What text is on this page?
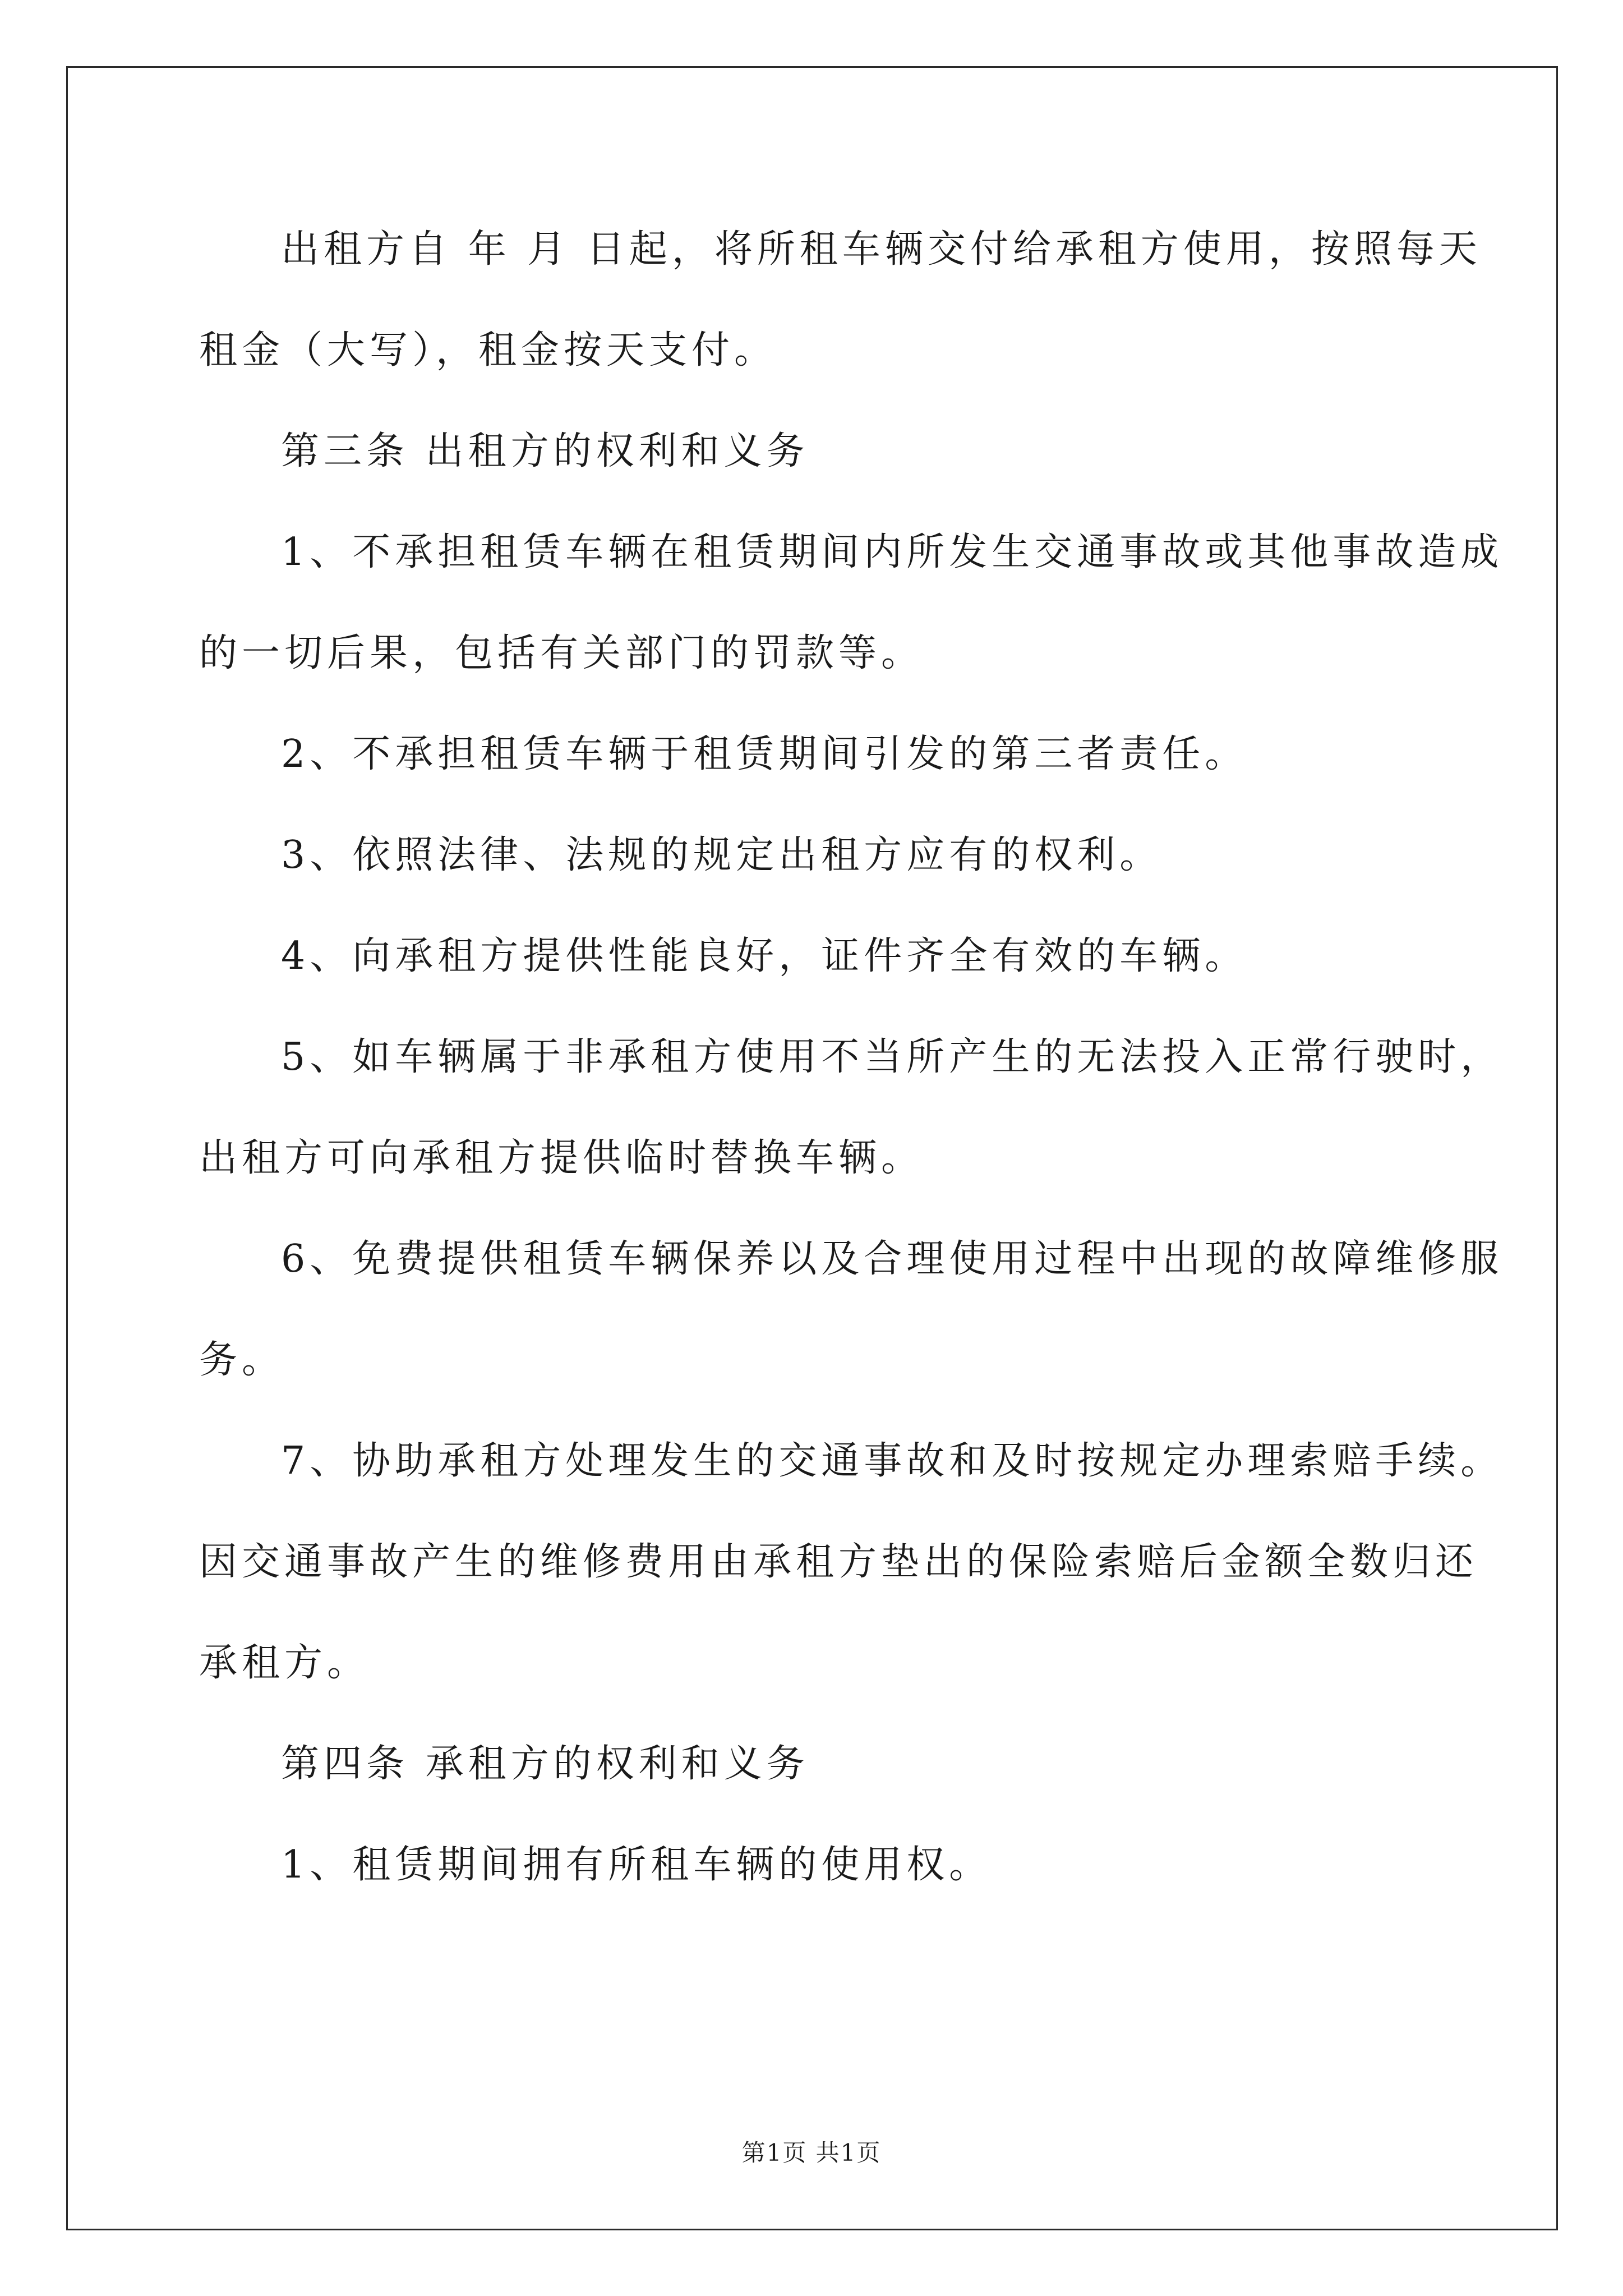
出租方自 年 月 日起，将所租车辆交付给承租方使用，按照每天
租金（大写），租金按天支付。
第三条 出租方的权利和义务
1、不承担租赁车辆在租赁期间内所发生交通事故或其他事故造成
的一切后果，包括有关部门的罚款等。
2、不承担租赁车辆于租赁期间引发的第三者责任。
3、依照法律、法规的规定出租方应有的权利。
4、向承租方提供性能良好，证件齐全有效的车辆。
5、如车辆属于非承租方使用不当所产生的无法投入正常行驶时，
出租方可向承租方提供临时替换车辆。
6、免费提供租赁车辆保养以及合理使用过程中出现的故障维修服
务。
7、协助承租方处理发生的交通事故和及时按规定办理索赔手续。
因交通事故产生的维修费用由承租方垫出的保险索赔后金额全数归还
承租方。
第四条 承租方的权利和义务
1、租赁期间拥有所租车辆的使用权。
第1页 共1页
